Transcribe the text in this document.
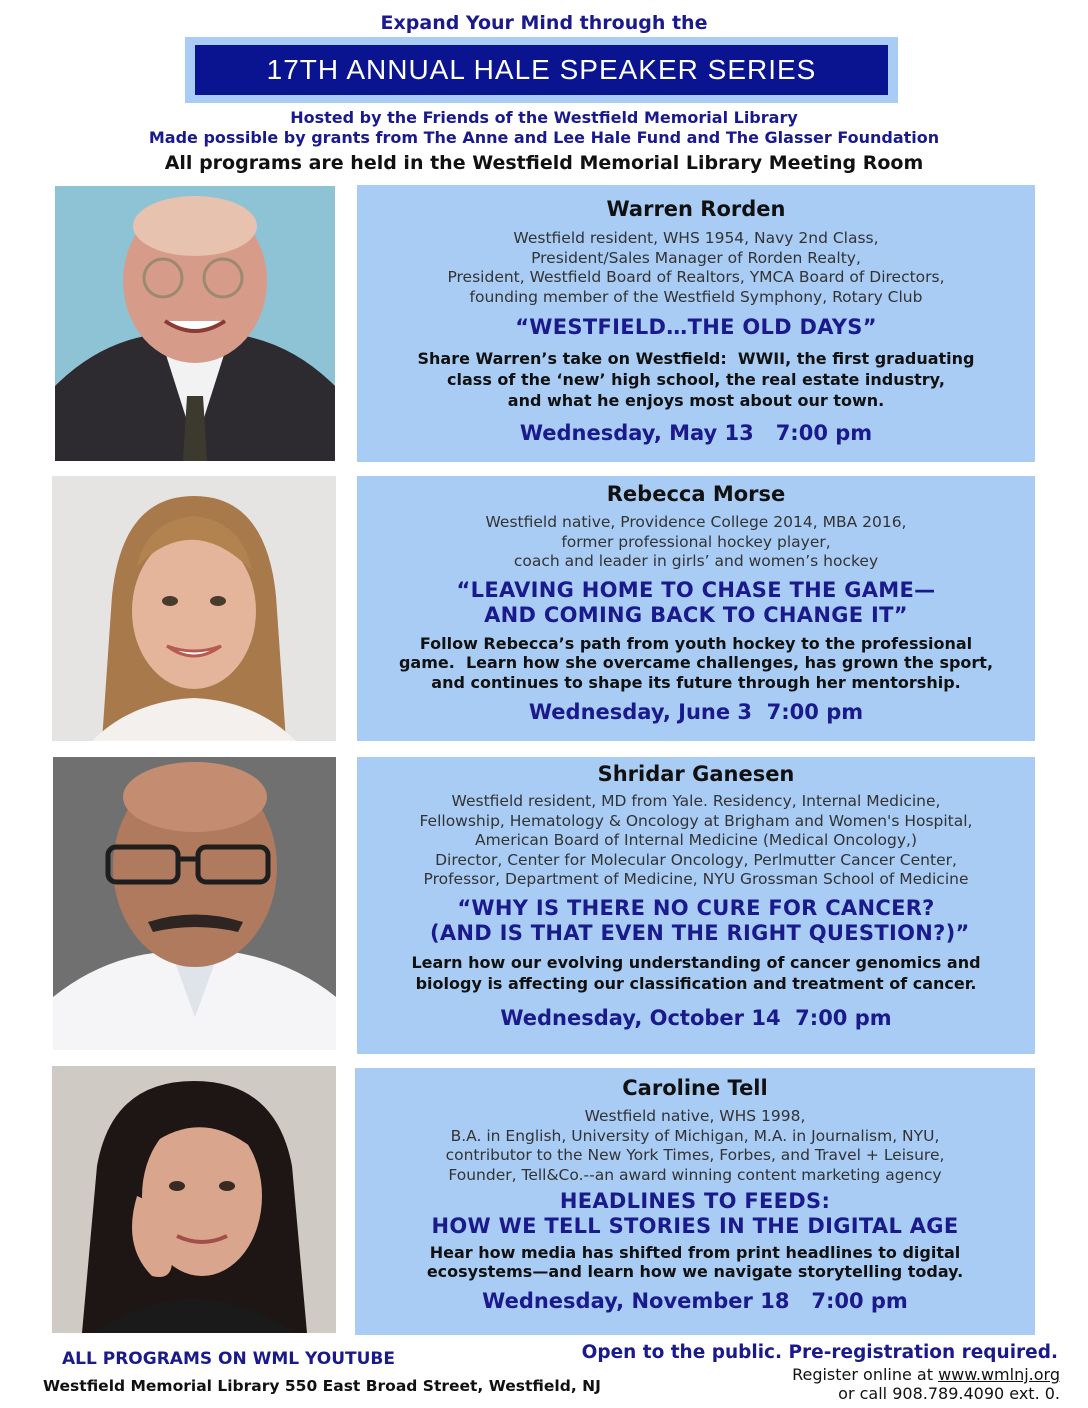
Expand Your Mind through the
17TH ANNUAL HALE SPEAKER SERIES
Hosted by the Friends of the Westfield Memorial Library
Made possible by grants from The Anne and Lee Hale Fund and The Glasser Foundation
All programs are held in the Westfield Memorial Library Meeting Room
Warren Rorden
Westfield resident, WHS 1954, Navy 2nd Class,
President/Sales Manager of Rorden Realty,
President, Westfield Board of Realtors, YMCA Board of Directors,
founding member of the Westfield Symphony, Rotary Club
“WESTFIELD…THE OLD DAYS”
Share Warren’s take on Westfield:  WWII, the first graduating
class of the ‘new’ high school, the real estate industry,
and what he enjoys most about our town.
Wednesday, May 13   7:00 pm
Rebecca Morse
Westfield native, Providence College 2014, MBA 2016,
former professional hockey player,
coach and leader in girls’ and women’s hockey
“LEAVING HOME TO CHASE THE GAME—
AND COMING BACK TO CHANGE IT”
Follow Rebecca’s path from youth hockey to the professional
game.  Learn how she overcame challenges, has grown the sport,
and continues to shape its future through her mentorship.
Wednesday, June 3  7:00 pm
Shridar Ganesen
Westfield resident, MD from Yale. Residency, Internal Medicine,
Fellowship, Hematology & Oncology at Brigham and Women's Hospital,
American Board of Internal Medicine (Medical Oncology,)
Director, Center for Molecular Oncology, Perlmutter Cancer Center,
Professor, Department of Medicine, NYU Grossman School of Medicine
“WHY IS THERE NO CURE FOR CANCER?
(AND IS THAT EVEN THE RIGHT QUESTION?)”
Learn how our evolving understanding of cancer genomics and
biology is affecting our classification and treatment of cancer.
Wednesday, October 14  7:00 pm
Caroline Tell
Westfield native, WHS 1998,
B.A. in English, University of Michigan, M.A. in Journalism, NYU,
contributor to the New York Times, Forbes, and Travel + Leisure,
Founder, Tell&Co.--an award winning content marketing agency
HEADLINES TO FEEDS:
HOW WE TELL STORIES IN THE DIGITAL AGE
Hear how media has shifted from print headlines to digital
ecosystems—and learn how we navigate storytelling today.
Wednesday, November 18   7:00 pm
ALL PROGRAMS ON WML YOUTUBE
Westfield Memorial Library 550 East Broad Street, Westfield, NJ
Open to the public. Pre-registration required.
Register online at www.wmlnj.org
or call 908.789.4090 ext. 0.
